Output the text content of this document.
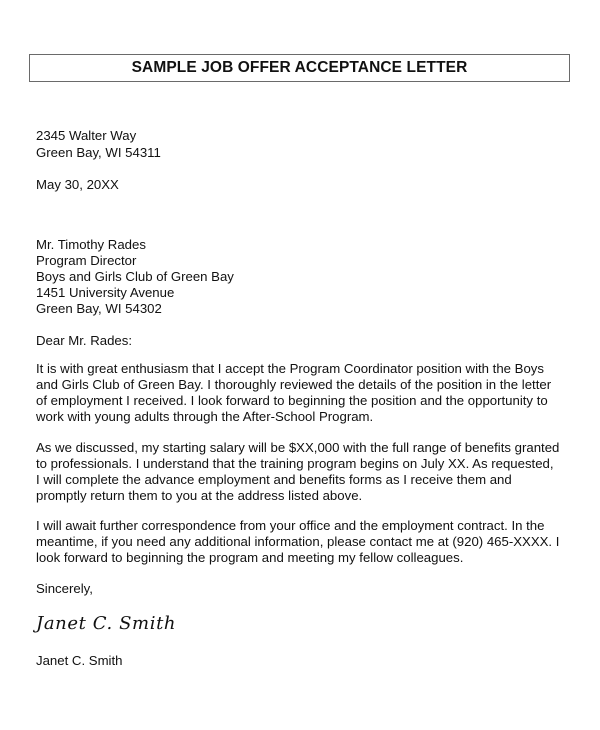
SAMPLE JOB OFFER ACCEPTANCE LETTER
2345 Walter Way
Green Bay, WI 54311
May 30, 20XX
Mr. Timothy Rades
Program Director
Boys and Girls Club of Green Bay
1451 University Avenue
Green Bay, WI 54302
Dear Mr. Rades:
It is with great enthusiasm that I accept the Program Coordinator position with the Boys
and Girls Club of Green Bay. I thoroughly reviewed the details of the position in the letter
of employment I received. I look forward to beginning the position and the opportunity to
work with young adults through the After-School Program.
As we discussed, my starting salary will be $XX,000 with the full range of benefits granted
to professionals. I understand that the training program begins on July XX. As requested,
I will complete the advance employment and benefits forms as I receive them and
promptly return them to you at the address listed above.
I will await further correspondence from your office and the employment contract. In the
meantime, if you need any additional information, please contact me at (920) 465-XXXX. I
look forward to beginning the program and meeting my fellow colleagues.
Sincerely,
Janet C. Smith
Janet C. Smith
